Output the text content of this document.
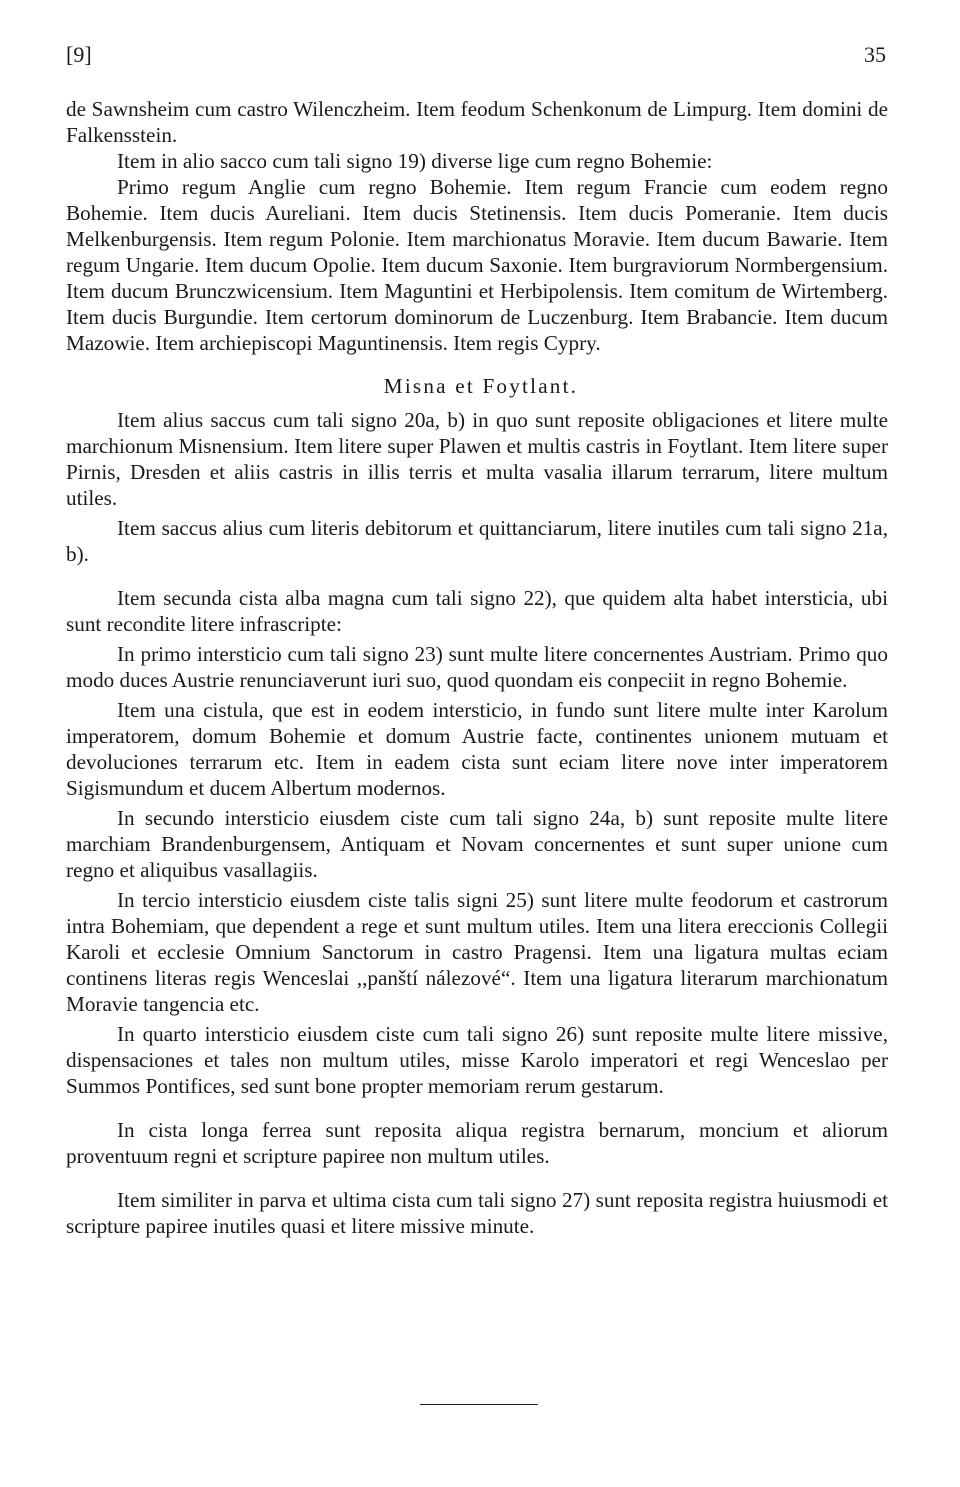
[9]	35

de Sawnsheim cum castro Wilenczheim. Item feodum Schenkonum de Limpurg. Item domini de Falkensstein.

Item in alio sacco cum tali signo 19) diverse lige cum regno Bohemie:

Primo regum Anglie cum regno Bohemie. Item regum Francie cum eodem regno Bohemie. Item ducis Aureliani. Item ducis Stetinensis. Item ducis Pomeranie. Item ducis Melkenburgensis. Item regum Polonie. Item marchionatus Moravie. Item ducum Bawarie. Item regum Ungarie. Item ducum Opolie. Item ducum Saxonie. Item burgraviorum Normbergensium. Item ducum Brunczwicensium. Item Maguntini et Herbipolensis. Item comitum de Wirtemberg. Item ducis Burgundie. Item certorum dominorum de Luczenburg. Item Brabancie. Item ducum Mazowie. Item archiepiscopi Maguntinensis. Item regis Cypry.

Misna et Foytlant.

Item alius saccus cum tali signo 20a, b) in quo sunt reposite obligaciones et litere multe marchionum Misnensium. Item litere super Plawen et multis castris in Foytlant. Item litere super Pirnis, Dresden et aliis castris in illis terris et multa vasalia illarum terrarum, litere multum utiles.

Item saccus alius cum literis debitorum et quittanciarum, litere inutiles cum tali signo 21a, b).

Item secunda cista alba magna cum tali signo 22), que quidem alta habet intersticia, ubi sunt recondite litere infrascripte:

In primo intersticio cum tali signo 23) sunt multe litere concernentes Austriam. Primo quo modo duces Austrie renunciaverunt iuri suo, quod quondam eis conpeciit in regno Bohemie.

Item una cistula, que est in eodem intersticio, in fundo sunt litere multe inter Karolum imperatorem, domum Bohemie et domum Austrie facte, continentes unionem mutuam et devoluciones terrarum etc. Item in eadem cista sunt eciam litere nove inter imperatorem Sigismundum et ducem Albertum modernos.

In secundo intersticio eiusdem ciste cum tali signo 24a, b) sunt reposite multe litere marchiam Brandenburgensem, Antiquam et Novam concernentes et sunt super unione cum regno et aliquibus vasallagiis.

In tercio intersticio eiusdem ciste talis signi 25) sunt litere multe feodorum et castrorum intra Bohemiam, que dependent a rege et sunt multum utiles. Item una litera ereccionis Collegii Karoli et ecclesie Omnium Sanctorum in castro Pragensi. Item una ligatura multas eciam continens literas regis Wenceslai ,,panští nálezové“. Item una ligatura literarum marchionatum Moravie tangencia etc.

In quarto intersticio eiusdem ciste cum tali signo 26) sunt reposite multe litere missive, dispensaciones et tales non multum utiles, misse Karolo imperatori et regi Wenceslao per Summos Pontifices, sed sunt bone propter memoriam rerum gestarum.

In cista longa ferrea sunt reposita aliqua registra bernarum, moncium et aliorum proventuum regni et scripture papiree non multum utiles.

Item similiter in parva et ultima cista cum tali signo 27) sunt reposita registra huiusmodi et scripture papiree inutiles quasi et litere missive minute.
